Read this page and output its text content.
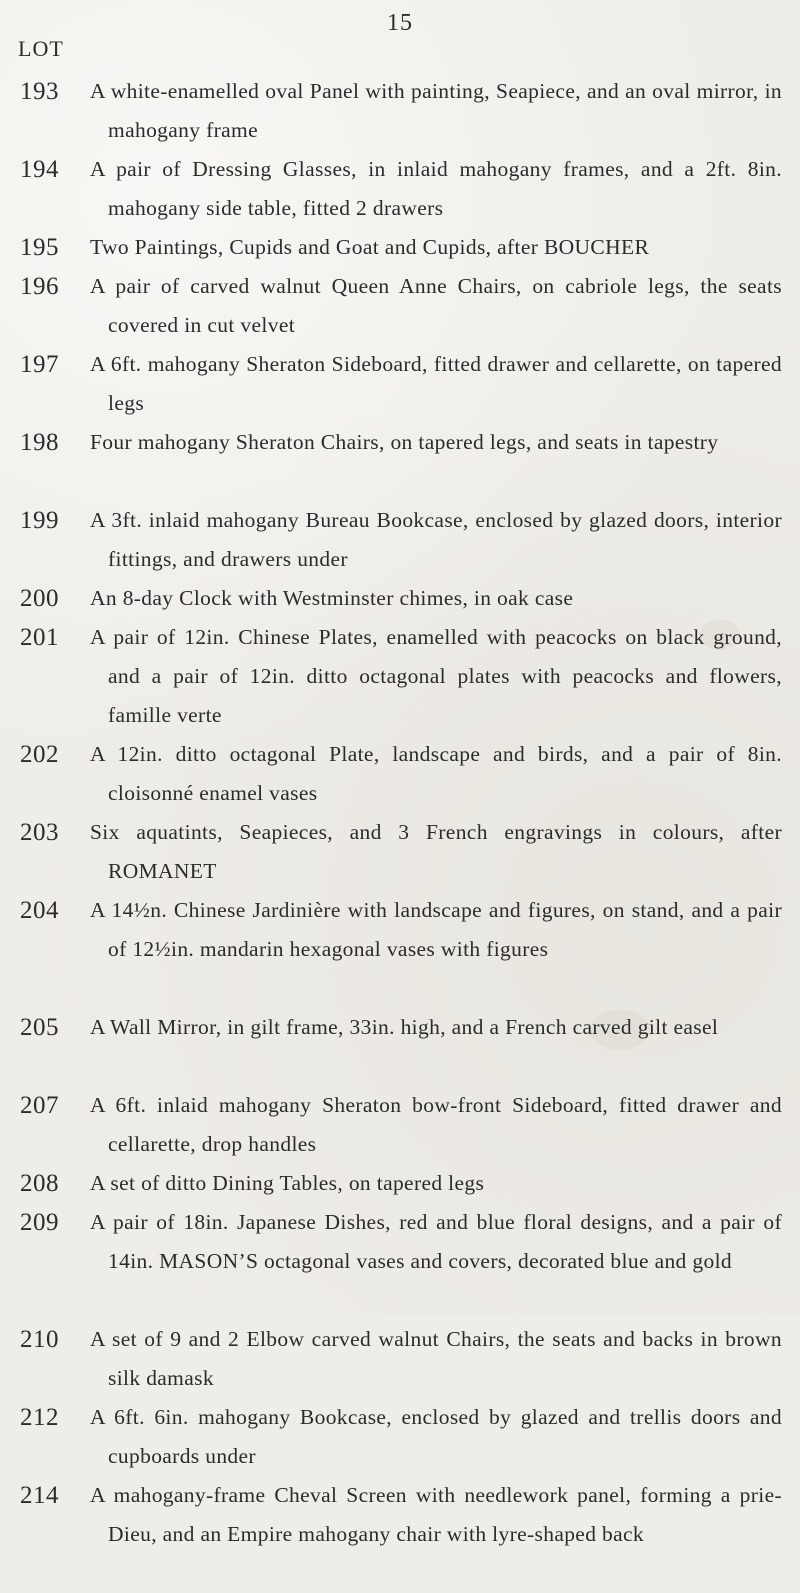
15
LOT
193 A white-enamelled oval Panel with painting, Seapiece, and an oval mirror, in mahogany frame

194 A pair of Dressing Glasses, in inlaid mahogany frames, and a 2ft. 8in. mahogany side table, fitted 2 drawers

195 Two Paintings, Cupids and Goat and Cupids, after BOUCHER

196 A pair of carved walnut Queen Anne Chairs, on cabriole legs, the seats covered in cut velvet

197 A 6ft. mahogany Sheraton Sideboard, fitted drawer and cellarette, on tapered legs

198 Four mahogany Sheraton Chairs, on tapered legs, and seats in tapestry

199 A 3ft. inlaid mahogany Bureau Bookcase, enclosed by glazed doors, interior fittings, and drawers under

200 An 8-day Clock with Westminster chimes, in oak case

201 A pair of 12in. Chinese Plates, enamelled with peacocks on black ground, and a pair of 12in. ditto octagonal plates with peacocks and flowers, famille verte

202 A 12in. ditto octagonal Plate, landscape and birds, and a pair of 8in. cloisonné enamel vases

203 Six aquatints, Seapieces, and 3 French engravings in colours, after ROMANET

204 A 14½n. Chinese Jardinière with landscape and figures, on stand, and a pair of 12½in. mandarin hexagonal vases with figures

205 A Wall Mirror, in gilt frame, 33in. high, and a French carved gilt easel

207 A 6ft. inlaid mahogany Sheraton bow-front Sideboard, fitted drawer and cellarette, drop handles

208 A set of ditto Dining Tables, on tapered legs

209 A pair of 18in. Japanese Dishes, red and blue floral designs, and a pair of 14in. MASON’S octagonal vases and covers, decorated blue and gold

210 A set of 9 and 2 Elbow carved walnut Chairs, the seats and backs in brown silk damask

212 A 6ft. 6in. mahogany Bookcase, enclosed by glazed and trellis doors and cupboards under

214 A mahogany-frame Cheval Screen with needlework panel, forming a prie-Dieu, and an Empire mahogany chair with lyre-shaped back
